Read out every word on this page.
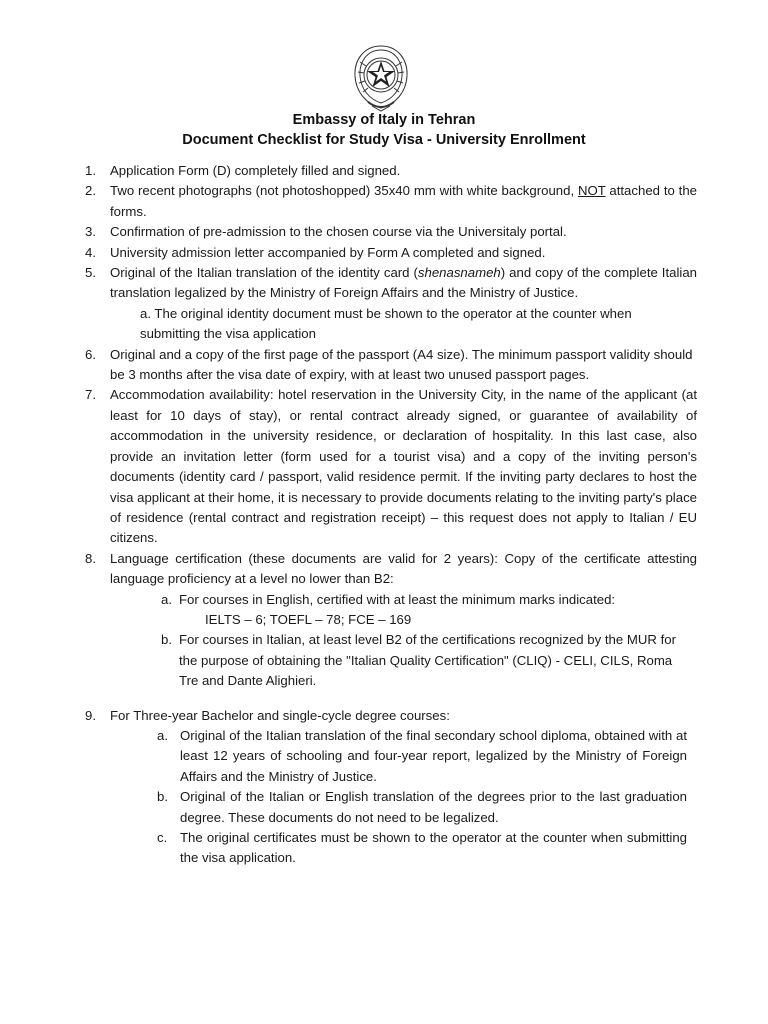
Embassy of Italy in Tehran
Document Checklist for Study Visa - University Enrollment
1. Application Form (D) completely filled and signed.
2. Two recent photographs (not photoshopped) 35x40 mm with white background, NOT attached to the forms.
3. Confirmation of pre-admission to the chosen course via the Universitaly portal.
4. University admission letter accompanied by Form A completed and signed.
5. Original of the Italian translation of the identity card (shenasnameh) and copy of the complete Italian translation legalized by the Ministry of Foreign Affairs and the Ministry of Justice.
a. The original identity document must be shown to the operator at the counter when submitting the visa application
6. Original and a copy of the first page of the passport (A4 size). The minimum passport validity should be 3 months after the visa date of expiry, with at least two unused passport pages.
7. Accommodation availability: hotel reservation in the University City, in the name of the applicant (at least for 10 days of stay), or rental contract already signed, or guarantee of availability of accommodation in the university residence, or declaration of hospitality. In this last case, also provide an invitation letter (form used for a tourist visa) and a copy of the inviting person's documents (identity card / passport, valid residence permit. If the inviting party declares to host the visa applicant at their home, it is necessary to provide documents relating to the inviting party's place of residence (rental contract and registration receipt) – this request does not apply to Italian / EU citizens.
8. Language certification (these documents are valid for 2 years): Copy of the certificate attesting language proficiency at a level no lower than B2:
a. For courses in English, certified with at least the minimum marks indicated:
IELTS – 6; TOEFL – 78; FCE – 169
b. For courses in Italian, at least level B2 of the certifications recognized by the MUR for the purpose of obtaining the "Italian Quality Certification" (CLIQ) - CELI, CILS, Roma Tre and Dante Alighieri.
9. For Three-year Bachelor and single-cycle degree courses:
a. Original of the Italian translation of the final secondary school diploma, obtained with at least 12 years of schooling and four-year report, legalized by the Ministry of Foreign Affairs and the Ministry of Justice.
b. Original of the Italian or English translation of the degrees prior to the last graduation degree. These documents do not need to be legalized.
c. The original certificates must be shown to the operator at the counter when submitting the visa application.
